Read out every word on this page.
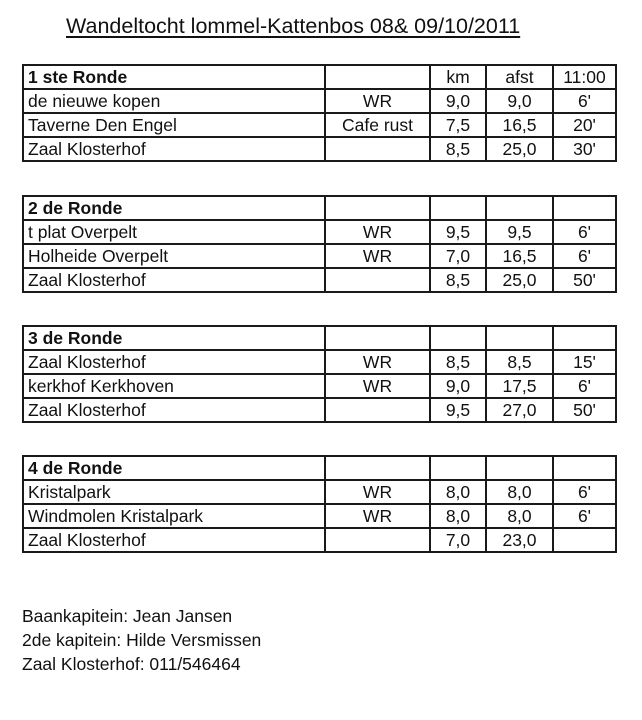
Wandeltocht lommel-Kattenbos 08& 09/10/2011
1 ste Ronde		km	afst	11:00
de nieuwe kopen	WR	9,0	9,0	6'
Taverne Den Engel	Cafe rust	7,5	16,5	20'
Zaal Klosterhof		8,5	25,0	30'
2 de Ronde				
t plat Overpelt	WR	9,5	9,5	6'
Holheide Overpelt	WR	7,0	16,5	6'
Zaal Klosterhof		8,5	25,0	50'
3 de Ronde				
Zaal Klosterhof	WR	8,5	8,5	15'
kerkhof Kerkhoven	WR	9,0	17,5	6'
Zaal Klosterhof		9,5	27,0	50'
4 de Ronde				
Kristalpark	WR	8,0	8,0	6'
Windmolen Kristalpark	WR	8,0	8,0	6'
Zaal Klosterhof		7,0	23,0	
Baankapitein: Jean Jansen
2de kapitein: Hilde Versmissen
Zaal Klosterhof: 011/546464
